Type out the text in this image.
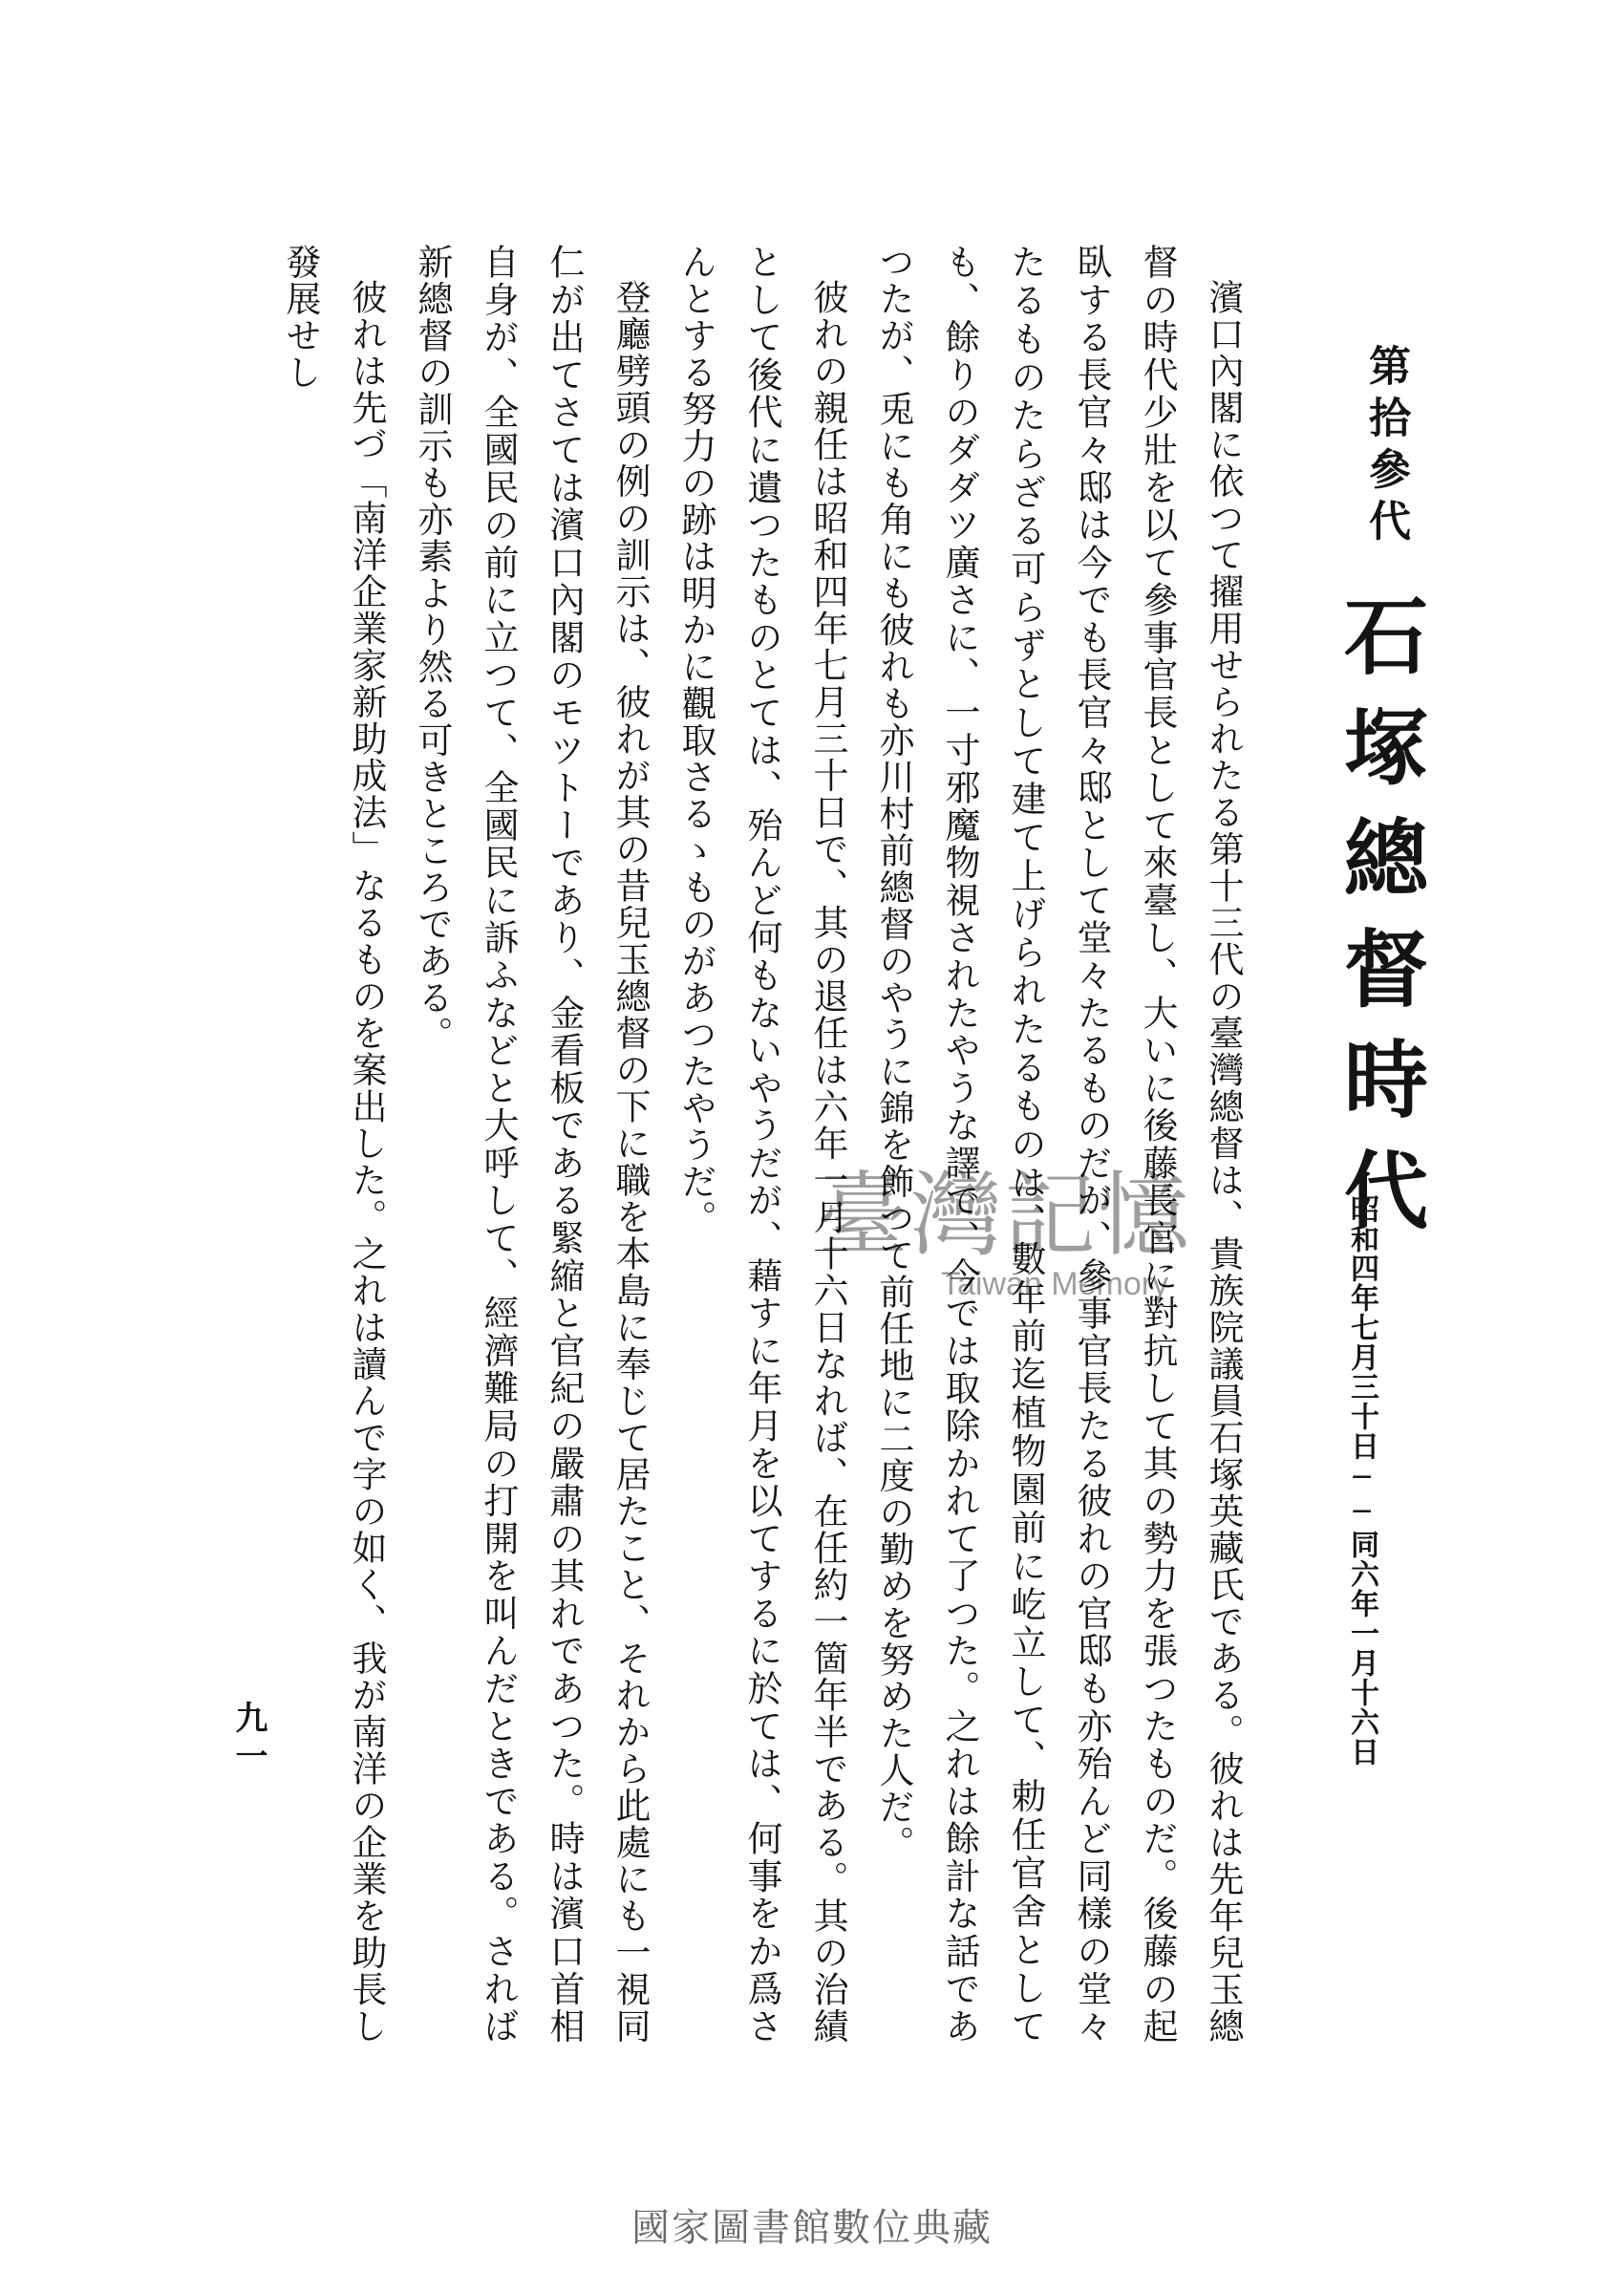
第拾參代
石塚總督時代
昭和四年七月三十日──同六年一月十六日

濱口內閣に依つて擢用せられたる第十三代の臺灣總督は、貴族院議員石塚英藏氏である。彼れは先年兒玉總督の時代少壯を以て參事官長として來臺し、大いに後藤長官に對抗して其の勢力を張つたものだ。後藤の起臥する長官々邸は今でも長官々邸として堂々たるものだが、參事官長たる彼れの官邸も亦殆んど同樣の堂々たるものたらざる可らずとして建て上げられたるものは、數年前迄植物園前に屹立して、勅任官舍としても、餘りのダダツ廣さに、一寸邪魔物視されたやうな譯で、今では取除かれて了つた。之れは餘計な話であつたが、兎にも角にも彼れも亦川村前總督のやうに錦を飾つて前任地に二度の勤めを努めた人だ。

彼れの親任は昭和四年七月三十日で、其の退任は六年一月十六日なれば、在任約一箇年半である。其の治績として後代に遺つたものとては、殆んど何もないやうだが、藉すに年月を以てするに於ては、何事をか爲さんとする努力の跡は明かに觀取さるゝものがあつたやうだ。

登廳劈頭の例の訓示は、彼れが其の昔兒玉總督の下に職を本島に奉じて居たこと、それから此處にも一視同仁が出てさては濱口內閣のモツトーであり、金看板である緊縮と官紀の嚴肅の其れであつた。時は濱口首相自身が、全國民の前に立つて、全國民に訴ふなどと大呼して、經濟難局の打開を叫んだときである。されば新總督の訓示も亦素より然る可きところである。

彼れは先づ「南洋企業家新助成法」なるものを案出した。之れは讀んで字の如く、我が南洋の企業を助長し發展せし

九一
臺灣記憶
Taiwan Memory
國家圖書館數位典藏
